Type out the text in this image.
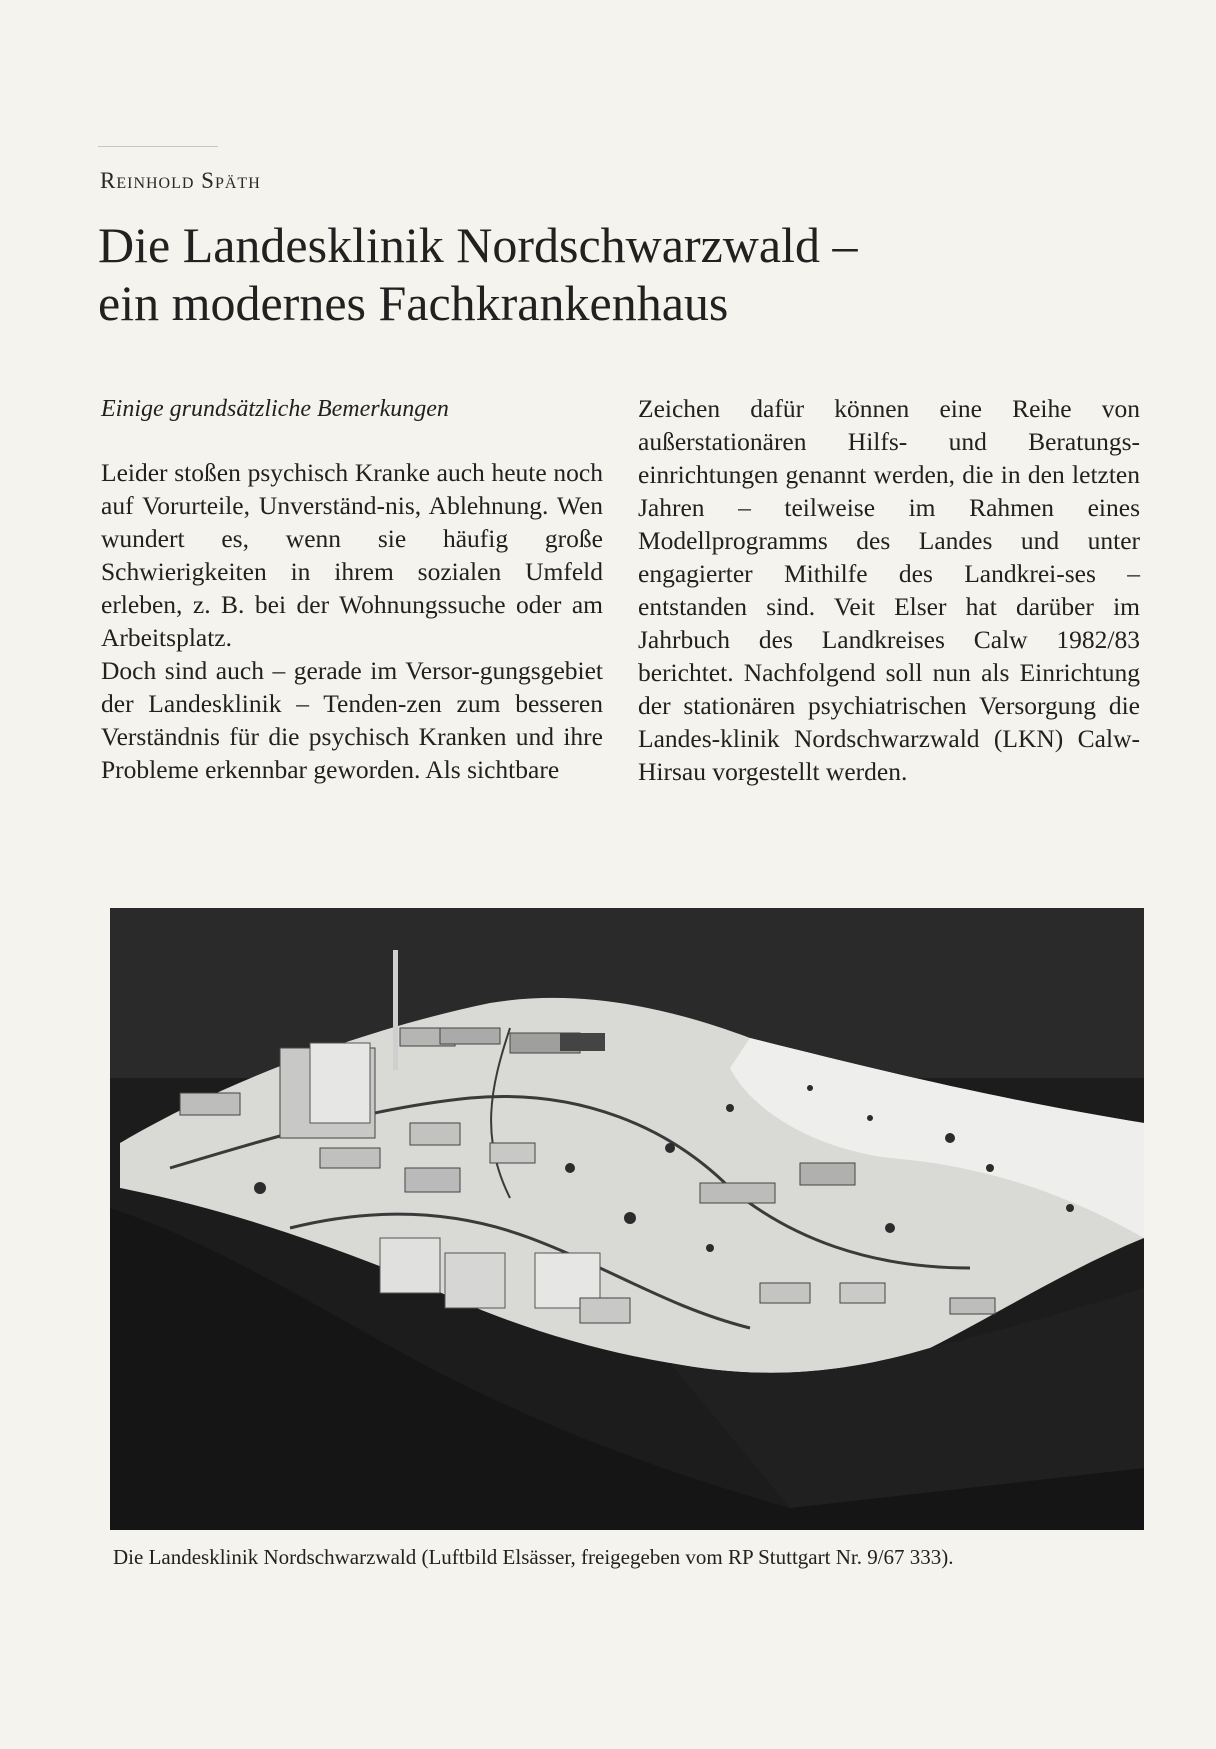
Reinhold Späth
Die Landesklinik Nordschwarzwald –
ein modernes Fachkrankenhaus
Einige grundsätzliche Bemerkungen

Leider stoßen psychisch Kranke auch heute noch auf Vorurteile, Unverständ-nis, Ablehnung. Wen wundert es, wenn sie häufig große Schwierigkeiten in ihrem sozialen Umfeld erleben, z. B. bei der Wohnungssuche oder am Arbeitsplatz.

Doch sind auch – gerade im Versor-gungsgebiet der Landesklinik – Tenden-zen zum besseren Verständnis für die psychisch Kranken und ihre Probleme erkennbar geworden. Als sichtbare

Zeichen dafür können eine Reihe von außerstationären Hilfs- und Beratungs-einrichtungen genannt werden, die in den letzten Jahren – teilweise im Rahmen eines Modellprogramms des Landes und unter engagierter Mithilfe des Landkrei-ses – entstanden sind. Veit Elser hat darüber im Jahrbuch des Landkreises Calw 1982/83 berichtet. Nachfolgend soll nun als Einrichtung der stationären psychiatrischen Versorgung die Landes-klinik Nordschwarzwald (LKN) Calw-Hirsau vorgestellt werden.

Die Landesklinik Nordschwarzwald (Luftbild Elsässer, freigegeben vom RP Stuttgart Nr. 9/67 333).
